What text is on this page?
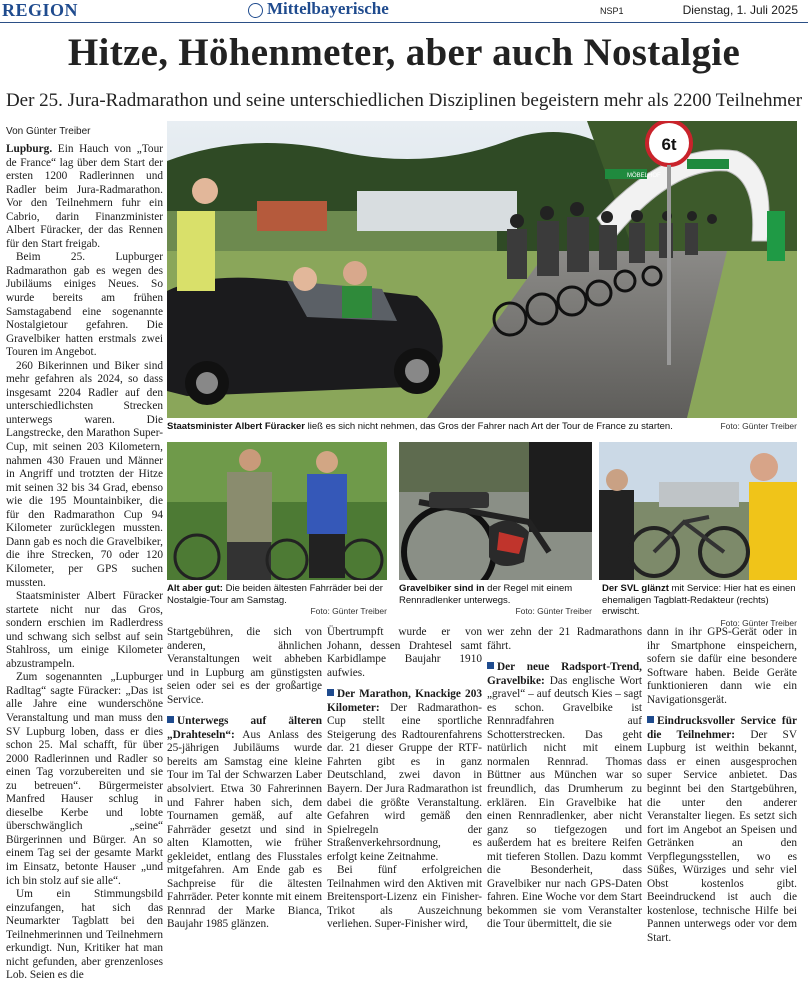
REGION	Mittelbayerische	NSP1	Dienstag, 1. Juli 2025
Hitze, Höhenmeter, aber auch Nostalgie
Der 25. Jura-Radmarathon und seine unterschiedlichen Disziplinen begeistern mehr als 2200 Teilnehmer
Von Günter Treiber

Lupburg. Ein Hauch von „Tour de France“ lag über dem Start der ersten 1200 Radlerinnen und Radler beim Jura-Radmarathon. Vor den Teilnehmern fuhr ein Cabrio, darin Finanzminister Albert Füracker, der das Rennen für den Start freigab.

Beim 25. Lupburger Radmarathon gab es wegen des Jubiläums einiges Neues. So wurde bereits am frühen Samstagabend eine sogenannte Nostalgietour gefahren. Die Gravelbiker hatten erstmals zwei Touren im Angebot.

260 Bikerinnen und Biker sind mehr gefahren als 2024, so dass insgesamt 2204 Radler auf den unterschiedlichsten Strecken unterwegs waren. Die Langstrecke, den Marathon Super-Cup, mit seinen 203 Kilometern, nahmen 430 Frauen und Männer in Angriff und trotzten der Hitze mit seinen 32 bis 34 Grad, ebenso wie die 195 Mountainbiker, die für den Radmarathon Cup 94 Kilometer zurücklegen mussten. Dann gab es noch die Gravelbiker, die ihre Strecken, 70 oder 120 Kilometer, per GPS suchen mussten.

Staatsminister Albert Füracker startete nicht nur das Gros, sondern erschien im Radlerdress und schwang sich selbst auf sein Stahlross, um einige Kilometer abzustrampeln.

Zum sogenannten „Lupburger Radltag“ sagte Füracker: „Das ist alle Jahre eine wunderschöne Veranstaltung und man muss den SV Lupburg loben, dass er dies schon 25. Mal schafft, für über 2000 Radlerinnen und Radler so einen Tag vorzubereiten und sie zu betreuen“. Bürgermeister Manfred Hauser schlug in dieselbe Kerbe und lobte überschwänglich „seine“ Bürgerinnen und Bürger. An so einem Tag sei der gesamte Markt im Einsatz, betonte Hauser „und ich bin stolz auf sie alle“.

Um ein Stimmungsbild einzufangen, hat sich das Neumarkter Tagblatt bei den Teilnehmerinnen und Teilnehmern erkundigt. Nun, Kritiker hat man nicht gefunden, aber grenzenloses Lob. Seien es die

6t
MÖBELHOF
Staatsminister Albert Füracker ließ es sich nicht nehmen, das Gros der Fahrer nach Art der Tour de France zu starten.	Foto: Günter Treiber
Alt aber gut: Die beiden ältesten Fahrräder bei der Nostalgie-Tour am Samstag.
Foto: Günter Treiber
Gravelbiker sind in der Regel mit einem Rennradlenker unterwegs.
Foto: Günter Treiber
Der SVL glänzt mit Service: Hier hat es einen ehemaligen Tagblatt-Redakteur (rechts) erwischt.
Foto: Günter Treiber

Startgebühren, die sich von anderen, ähnlichen Veranstaltungen weit abheben und in Lupburg am günstigsten seien oder sei es der großartige Service.

Unterwegs auf älteren „Drahteseln“: Aus Anlass des 25-jährigen Jubiläums wurde bereits am Samstag eine kleine Tour im Tal der Schwarzen Laber absolviert. Etwa 30 Fahrerinnen und Fahrer haben sich, dem Tournamen gemäß, auf alte Fahrräder gesetzt und sind in alten Klamotten, wie früher gekleidet, entlang des Flusstales mitgefahren. Am Ende gab es Sachpreise für die ältesten Fahrräder. Peter konnte mit einem Rennrad der Marke Bianca, Baujahr 1985 glänzen.

Übertrumpft wurde er von Johann, dessen Drahtesel samt Karbidlampe Baujahr 1910 aufwies.

Der Marathon, Knackige 203 Kilometer: Der Radmarathon-Cup stellt eine sportliche Steigerung des Radtourenfahrens dar. 21 dieser Gruppe der RTF-Fahrten gibt es in ganz Deutschland, zwei davon in Bayern. Der Jura Radmarathon ist dabei die größte Veranstaltung. Gefahren wird gemäß den Spielregeln der Straßenverkehrsordnung, es erfolgt keine Zeitnahme.

Bei fünf erfolgreichen Teilnahmen wird den Aktiven mit Breitensport-Lizenz ein Finisher-Trikot als Auszeichnung verliehen. Super-Finisher wird,

wer zehn der 21 Radmarathons fährt.

Der neue Radsport-Trend, Gravelbike: Das englische Wort „gravel“ – auf deutsch Kies – sagt es schon. Gravelbike ist Rennradfahren auf Schotterstrecken. Das geht natürlich nicht mit einem normalen Rennrad. Thomas Büttner aus München war so freundlich, das Drumherum zu erklären. Ein Gravelbike hat einen Rennradlenker, aber nicht ganz so tiefgezogen und außerdem hat es breitere Reifen mit tieferen Stollen. Dazu kommt die Besonderheit, dass Gravelbiker nur nach GPS-Daten fahren. Eine Woche vor dem Start bekommen sie vom Veranstalter die Tour übermittelt, die sie

dann in ihr GPS-Gerät oder in ihr Smartphone einspeichern, sofern sie dafür eine besondere Software haben. Beide Geräte funktionieren dann wie ein Navigationsgerät.

Eindrucksvoller Service für die Teilnehmer: Der SV Lupburg ist weithin bekannt, dass er einen ausgesprochen super Service anbietet. Das beginnt bei den Startgebühren, die unter den anderer Veranstalter liegen. Es setzt sich fort im Angebot an Speisen und Getränken an den Verpflegungsstellen, wo es Süßes, Würziges und sehr viel Obst kostenlos gibt. Beeindruckend ist auch die kostenlose, technische Hilfe bei Pannen unterwegs oder vor dem Start.
